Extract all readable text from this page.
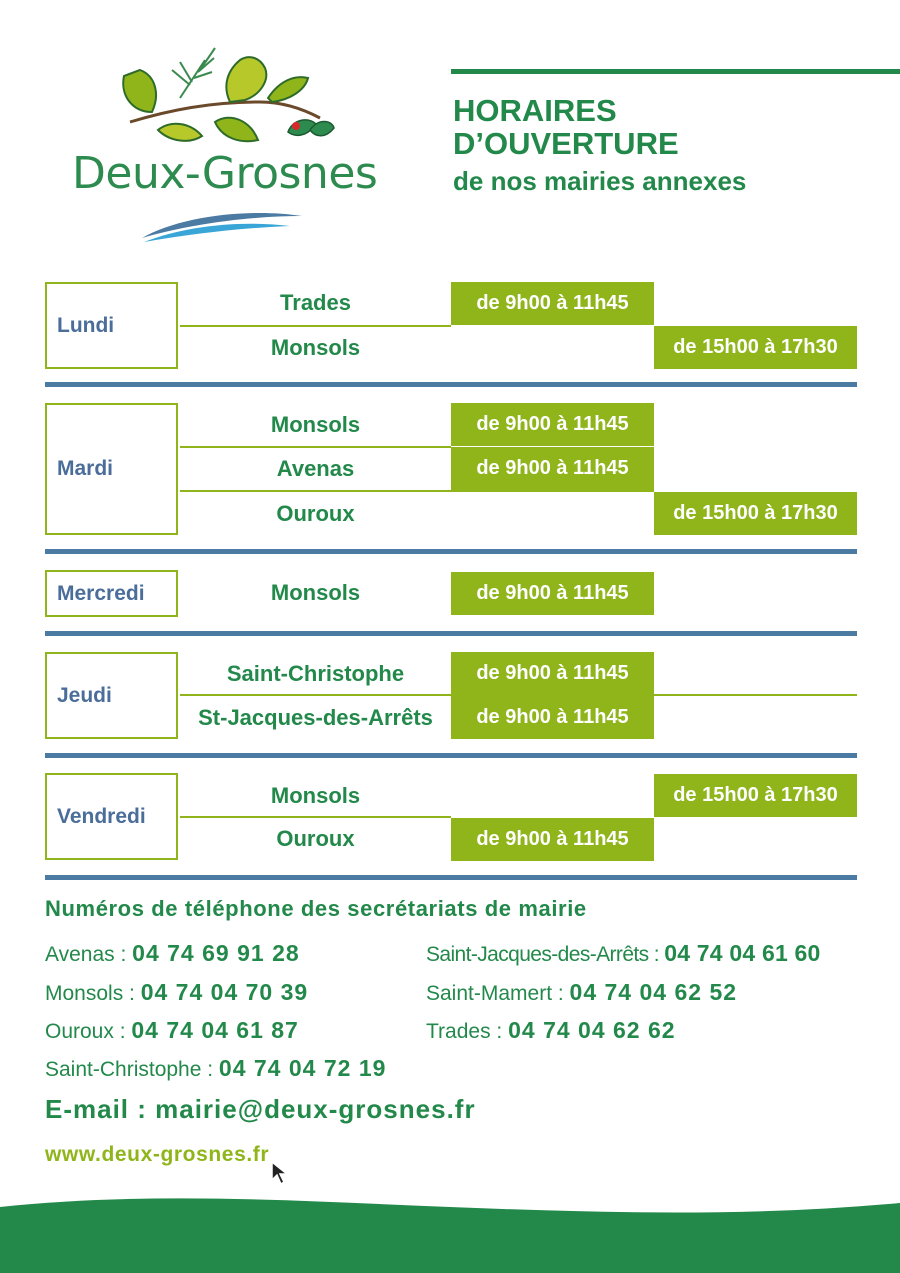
Deux-Grosnes
HORAIRES
D’OUVERTURE
de nos mairies annexes
Lundi
Trades	de 9h00 à 11h45
Monsols	de 15h00 à 17h30
Mardi
Monsols	de 9h00 à 11h45
Avenas	de 9h00 à 11h45
Ouroux	de 15h00 à 17h30
Mercredi	Monsols	de 9h00 à 11h45
Jeudi
Saint-Christophe	de 9h00 à 11h45
St-Jacques-des-Arrêts	de 9h00 à 11h45
Vendredi
Monsols	de 15h00 à 17h30
Ouroux	de 9h00 à 11h45
Numéros de téléphone des secrétariats de mairie
Avenas : 04 74 69 91 28
Monsols : 04 74 04 70 39
Ouroux : 04 74 04 61 87
Saint-Christophe : 04 74 04 72 19
Saint-Jacques-des-Arrêts : 04 74 04 61 60
Saint-Mamert : 04 74 04 62 52
Trades : 04 74 04 62 62
E-mail : mairie@deux-grosnes.fr
www.deux-grosnes.fr
